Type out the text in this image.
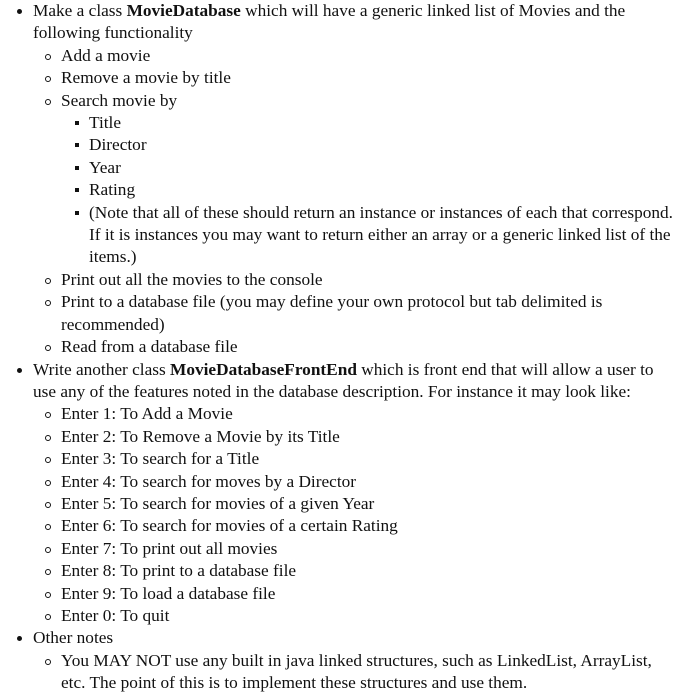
Make a class MovieDatabase which will have a generic linked list of Movies and the following functionality
Add a movie
Remove a movie by title
Search movie by
Title
Director
Year
Rating
(Note that all of these should return an instance or instances of each that correspond. If it is instances you may want to return either an array or a generic linked list of the items.)
Print out all the movies to the console
Print to a database file (you may define your own protocol but tab delimited is recommended)
Read from a database file
Write another class MovieDatabaseFrontEnd which is front end that will allow a user to use any of the features noted in the database description. For instance it may look like:
Enter 1: To Add a Movie
Enter 2: To Remove a Movie by its Title
Enter 3: To search for a Title
Enter 4: To search for moves by a Director
Enter 5: To search for movies of a given Year
Enter 6: To search for movies of a certain Rating
Enter 7: To print out all movies
Enter 8: To print to a database file
Enter 9: To load a database file
Enter 0: To quit
Other notes
You MAY NOT use any built in java linked structures, such as LinkedList, ArrayList, etc. The point of this is to implement these structures and use them.
